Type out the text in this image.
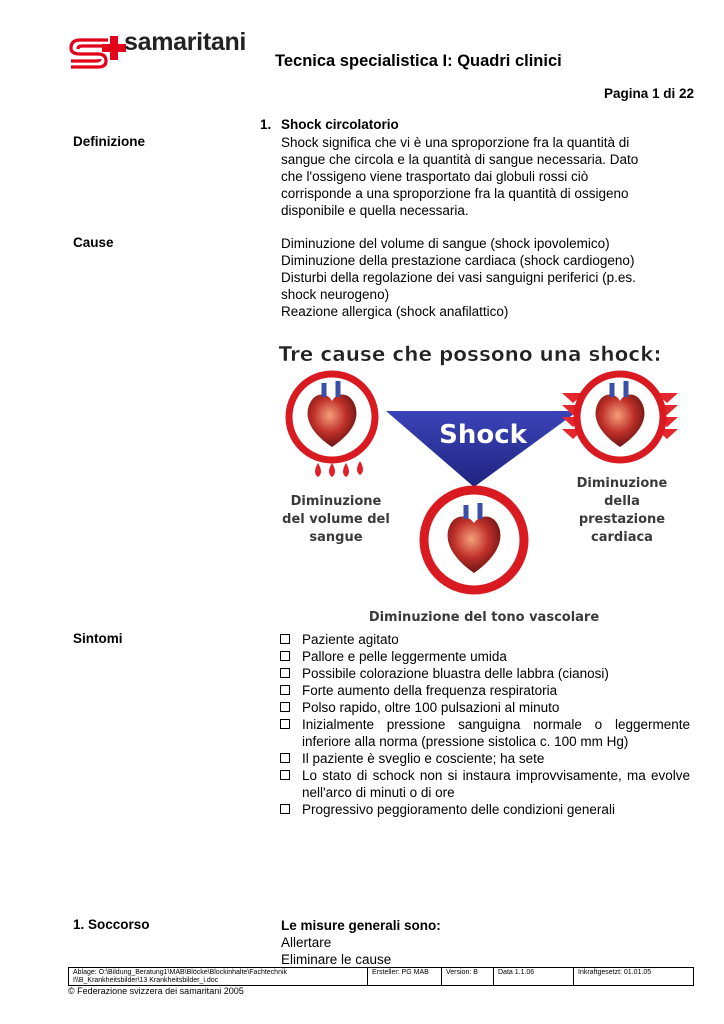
samaritani
Tecnica specialistica I: Quadri clinici
Pagina 1 di 22
1. Shock circolatorio
Definizione	Shock significa che vi è una sproporzione fra la quantità di
sangue che circola e la quantità di sangue necessaria. Dato
che l'ossigeno viene trasportato dai globuli rossi ciò
corrisponde a una sproporzione fra la quantità di ossigeno
disponibile e quella necessaria.
Cause	Diminuzione del volume di sangue (shock ipovolemico)
Diminuzione della prestazione cardiaca (shock cardiogeno)
Disturbi della regolazione dei vasi sanguigni periferici (p.es.
shock neurogeno)
Reazione allergica (shock anafilattico)
Tre cause che possono una shock:
Shock
Diminuzione
del volume del
sangue
Diminuzione
della
prestazione
cardiaca
Diminuzione del tono vascolare
Sintomi	Paziente agitato
Pallore e pelle leggermente umida
Possibile colorazione bluastra delle labbra (cianosi)
Forte aumento della frequenza respiratoria
Polso rapido, oltre 100 pulsazioni al minuto
Inizialmente pressione sanguigna normale o leggermente inferiore alla norma (pressione sistolica c. 100 mm Hg)
Il paziente è sveglio e cosciente; ha sete
Lo stato di schock non si instaura improvvisamente, ma evolve nell'arco di minuti o di ore
Progressivo peggioramento delle condizioni generali
1. Soccorso	Le misure generali sono:
Allertare
Eliminare le cause
Ablage: O:\Bildung_Beratung1\MAB\Blöcke\Blockinhalte\Fachtechnik
I\\B_Krankheitsbilder\13 Krankheitsbilder_i.doc
Ersteller: PG MAB	Version: B	Data 1.1.06	Inkraftgesetzt: 01.01.05
© Federazione svizzera dei samaritani 2005
